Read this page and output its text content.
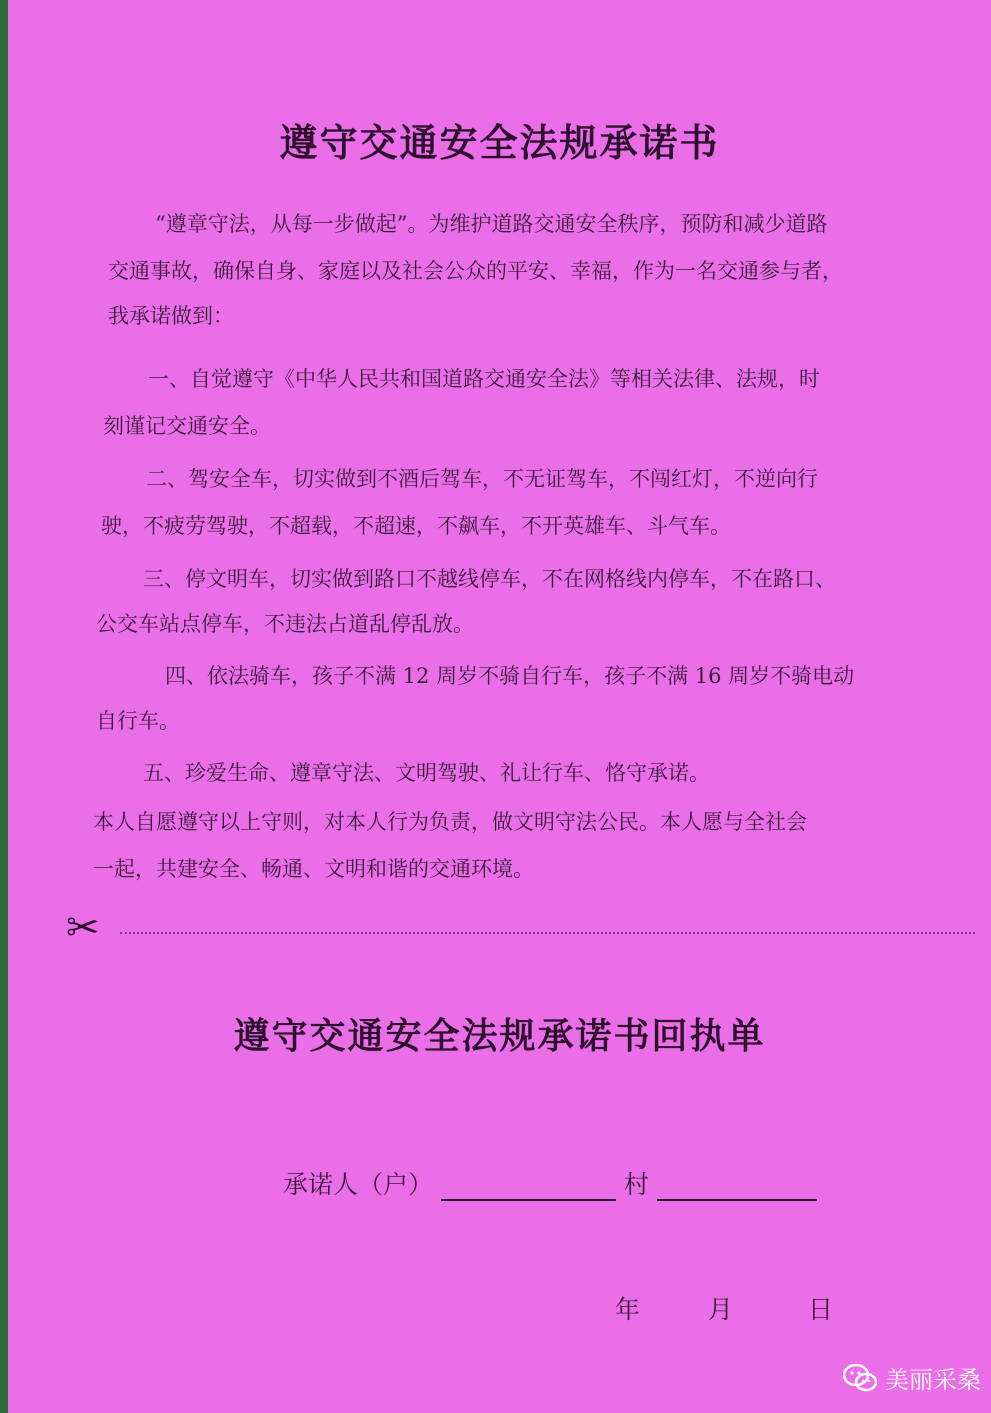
遵守交通安全法规承诺书
“遵章守法，从每一步做起”。为维护道路交通安全秩序，预防和减少道路
交通事故，确保自身、家庭以及社会公众的平安、幸福，作为一名交通参与者，
我承诺做到：
一、自觉遵守《中华人民共和国道路交通安全法》等相关法律、法规，时
刻谨记交通安全。
二、驾安全车，切实做到不酒后驾车，不无证驾车，不闯红灯，不逆向行
驶，不疲劳驾驶，不超载，不超速，不飙车，不开英雄车、斗气车。
三、停文明车，切实做到路口不越线停车，不在网格线内停车，不在路口、
公交车站点停车，不违法占道乱停乱放。
四、依法骑车，孩子不满 12 周岁不骑自行车，孩子不满 16 周岁不骑电动
自行车。
五、珍爱生命、遵章守法、文明驾驶、礼让行车、恪守承诺。
本人自愿遵守以上守则，对本人行为负责，做文明守法公民。本人愿与全社会
一起，共建安全、畅通、文明和谐的交通环境。
✂
遵守交通安全法规承诺书回执单
承诺人（户）	村
年	月	日
美丽采桑
